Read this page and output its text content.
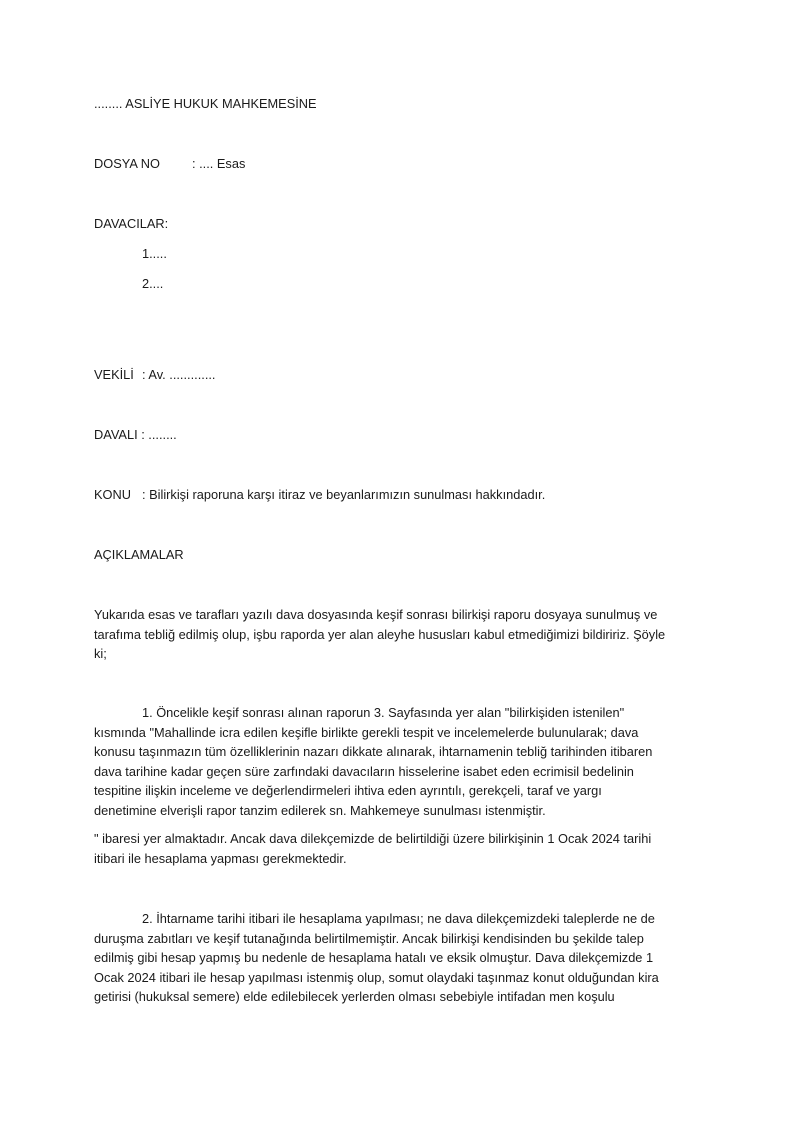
........ ASLİYE HUKUK MAHKEMESİNE
DOSYA NO	: .... Esas
DAVACILAR:
1.....
2....
VEKİLİ : Av. .............
DAVALI : ........
KONU : Bilirkişi raporuna karşı itiraz ve beyanlarımızın sunulması hakkındadır.
AÇIKLAMALAR

Yukarıda esas ve tarafları yazılı dava dosyasında keşif sonrası bilirkişi raporu dosyaya sunulmuş ve

tarafıma tebliğ edilmiş olup, işbu raporda yer alan aleyhe hususları kabul etmediğimizi bildiririz. Şöyle

ki;

1. Öncelikle keşif sonrası alınan raporun 3. Sayfasında yer alan "bilirkişiden istenilen"

kısmında "Mahallinde icra edilen keşifle birlikte gerekli tespit ve incelemelerde bulunularak; dava

konusu taşınmazın tüm özelliklerinin nazarı dikkate alınarak, ihtarnamenin tebliğ tarihinden itibaren

dava tarihine kadar geçen süre zarfındaki davacıların hisselerine isabet eden ecrimisil bedelinin

tespitine ilişkin inceleme ve değerlendirmeleri ihtiva eden ayrıntılı, gerekçeli, taraf ve yargı

denetimine elverişli rapor tanzim edilerek sn. Mahkemeye sunulması istenmiştir.

" ibaresi yer almaktadır. Ancak dava dilekçemizde de belirtildiği üzere bilirkişinin 1 Ocak 2024 tarihi

itibari ile hesaplama yapması gerekmektedir.

2. İhtarname tarihi itibari ile hesaplama yapılması; ne dava dilekçemizdeki taleplerde ne de

duruşma zabıtları ve keşif tutanağında belirtilmemiştir. Ancak bilirkişi kendisinden bu şekilde talep

edilmiş gibi hesap yapmış bu nedenle de hesaplama hatalı ve eksik olmuştur. Dava dilekçemizde 1

Ocak 2024 itibari ile hesap yapılması istenmiş olup, somut olaydaki taşınmaz konut olduğundan kira

getirisi (hukuksal semere) elde edilebilecek yerlerden olması sebebiyle intifadan men koşulu
